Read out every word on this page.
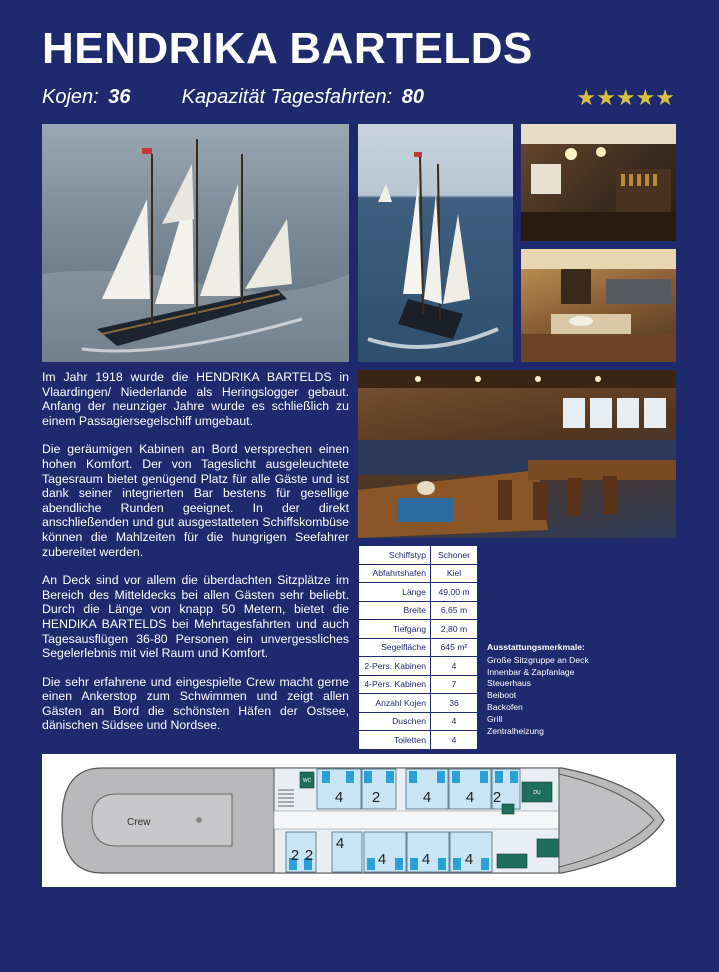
HENDRIKA BARTELDS
Kojen: 36	Kapazität Tagesfahrten: 80	★★★★★

Im Jahr 1918 wurde die HENDRIKA BARTELDS in Vlaardingen/ Niederlande als Heringslogger gebaut. Anfang der neunziger Jahre wurde es schließlich zu einem Passagiersegelschiff umgebaut.

Die geräumigen Kabinen an Bord versprechen einen hohen Komfort. Der von Tageslicht ausgeleuchtete Tagesraum bietet genügend Platz für alle Gäste und ist dank seiner integrierten Bar bestens für gesellige abendliche Runden geeignet. In der direkt anschließenden und gut ausgestatteten Schiffskombüse können die Mahlzeiten für die hungrigen Seefahrer zubereitet werden.

An Deck sind vor allem die überdachten Sitzplätze im Bereich des Mitteldecks bei allen Gästen sehr beliebt. Durch die Länge von knapp 50 Metern, bietet die HENDIKA BARTELDS bei Mehrtagesfahrten und auch Tagesausflügen 36-80 Personen ein unvergessliches Segelerlebnis mit viel Raum und Komfort.

Die sehr erfahrene und eingespielte Crew macht gerne einen Ankerstop zum Schwimmen und zeigt allen Gästen an Bord die schönsten Häfen der Ostsee, dänischen Südsee und Nordsee.

Schiffstyp	Schoner
Abfahrtshafen	Kiel
Länge	49,00 m
Breite	6,65 m
Tiefgang	2,80 m
Segelfläche	645 m²
2-Pers. Kabinen	4
4-Pers. Kabinen	7
Anzahl Kojen	36
Duschen	4
Toiletten	4
Ausstattungsmerkmale:
Große Sitzgruppe an Deck
Innenbar & Zapfanlage
Steuerhaus
Beiboot
Backofen
Grill
Zentralheizung
Crew
4 2	4 4 2
2 2
4
4 4 4
WC
DU
